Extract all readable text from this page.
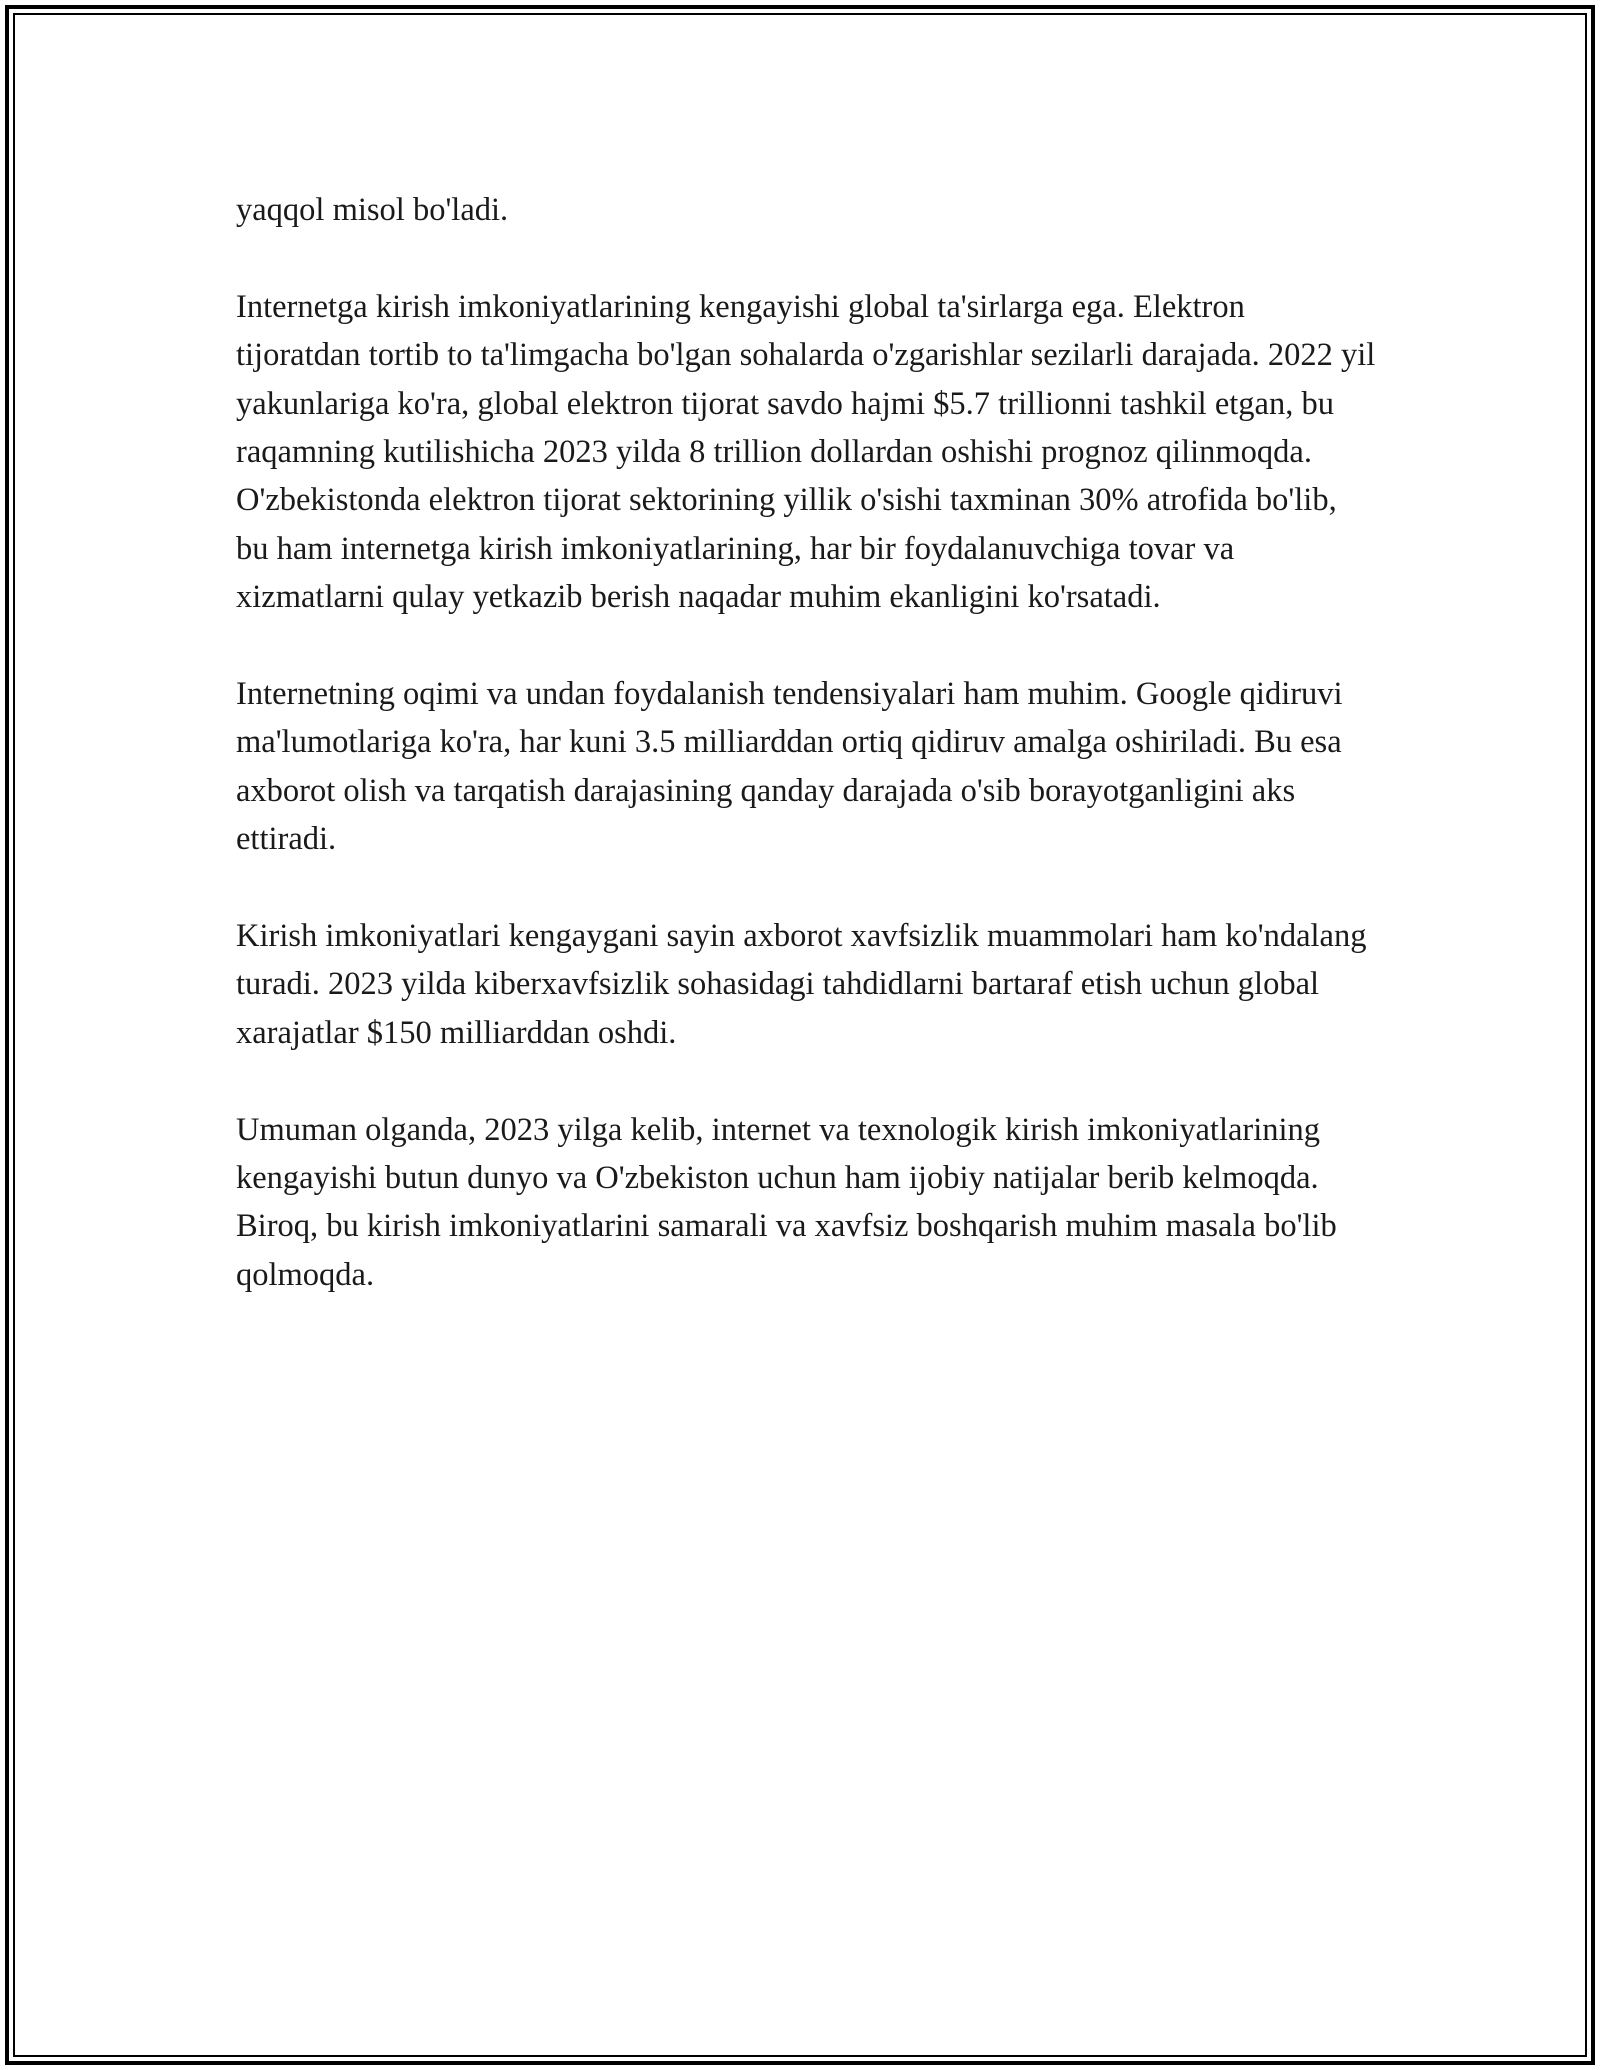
yaqqol misol bo'ladi.

Internetga kirish imkoniyatlarining kengayishi global ta'sirlarga ega. Elektron tijoratdan tortib to ta'limgacha bo'lgan sohalarda o'zgarishlar sezilarli darajada. 2022 yil yakunlariga ko'ra, global elektron tijorat savdo hajmi $5.7 trillionni tashkil etgan, bu raqamning kutilishicha 2023 yilda 8 trillion dollardan oshishi prognoz qilinmoqda. O'zbekistonda elektron tijorat sektorining yillik o'sishi taxminan 30% atrofida bo'lib, bu ham internetga kirish imkoniyatlarining, har bir foydalanuvchiga tovar va xizmatlarni qulay yetkazib berish naqadar muhim ekanligini ko'rsatadi.

Internetning oqimi va undan foydalanish tendensiyalari ham muhim. Google qidiruvi ma'lumotlariga ko'ra, har kuni 3.5 milliarddan ortiq qidiruv amalga oshiriladi. Bu esa axborot olish va tarqatish darajasining qanday darajada o'sib borayotganligini aks ettiradi.

Kirish imkoniyatlari kengaygani sayin axborot xavfsizlik muammolari ham ko'ndalang turadi. 2023 yilda kiberxavfsizlik sohasidagi tahdidlarni bartaraf etish uchun global xarajatlar $150 milliarddan oshdi.

Umuman olganda, 2023 yilga kelib, internet va texnologik kirish imkoniyatlarining kengayishi butun dunyo va O'zbekiston uchun ham ijobiy natijalar berib kelmoqda. Biroq, bu kirish imkoniyatlarini samarali va xavfsiz boshqarish muhim masala bo'lib qolmoqda.
